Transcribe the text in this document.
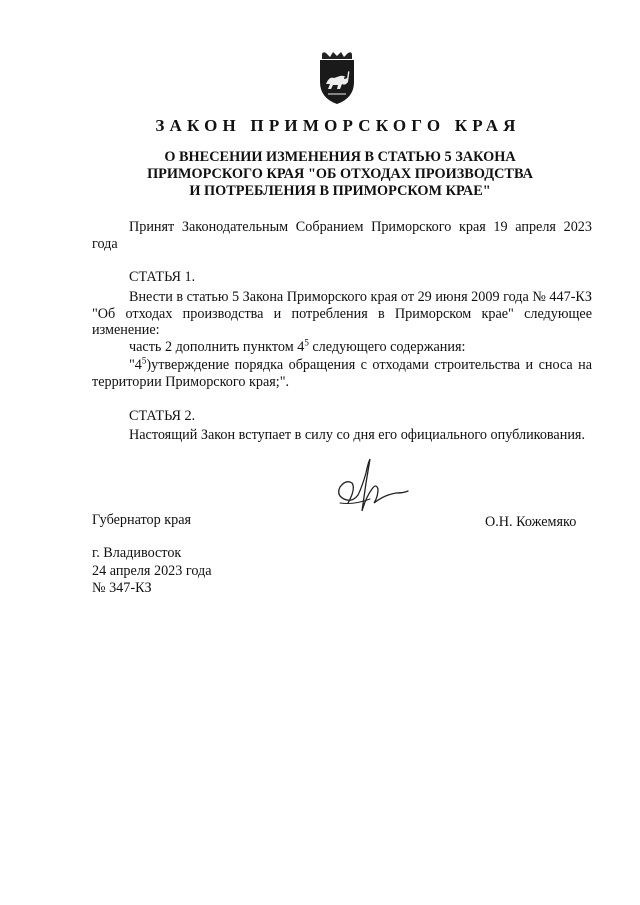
ЗАКОН ПРИМОРСКОГО КРАЯ
О ВНЕСЕНИИ ИЗМЕНЕНИЯ В СТАТЬЮ 5 ЗАКОНА
ПРИМОРСКОГО КРАЯ "ОБ ОТХОДАХ ПРОИЗВОДСТВА
И ПОТРЕБЛЕНИЯ В ПРИМОРСКОМ КРАЕ"
Принят Законодательным Собранием Приморского края 19 апреля 2023 года
СТАТЬЯ 1.
Внести в статью 5 Закона Приморского края от 29 июня 2009 года № 447-КЗ "Об отходах производства и потребления в Приморском крае" следующее изменение:
часть 2 дополнить пунктом $4^5$ следующего содержания:
"$4^5)утверждение$ порядка обращения с отходами строительства и сноса на территории Приморского края;".
СТАТЬЯ 2.
Настоящий Закон вступает в силу со дня его официального опубликования.
Губернатор края	О.Н. Кожемяко
г. Владивосток
24 апреля 2023 года
№ 347-КЗ
